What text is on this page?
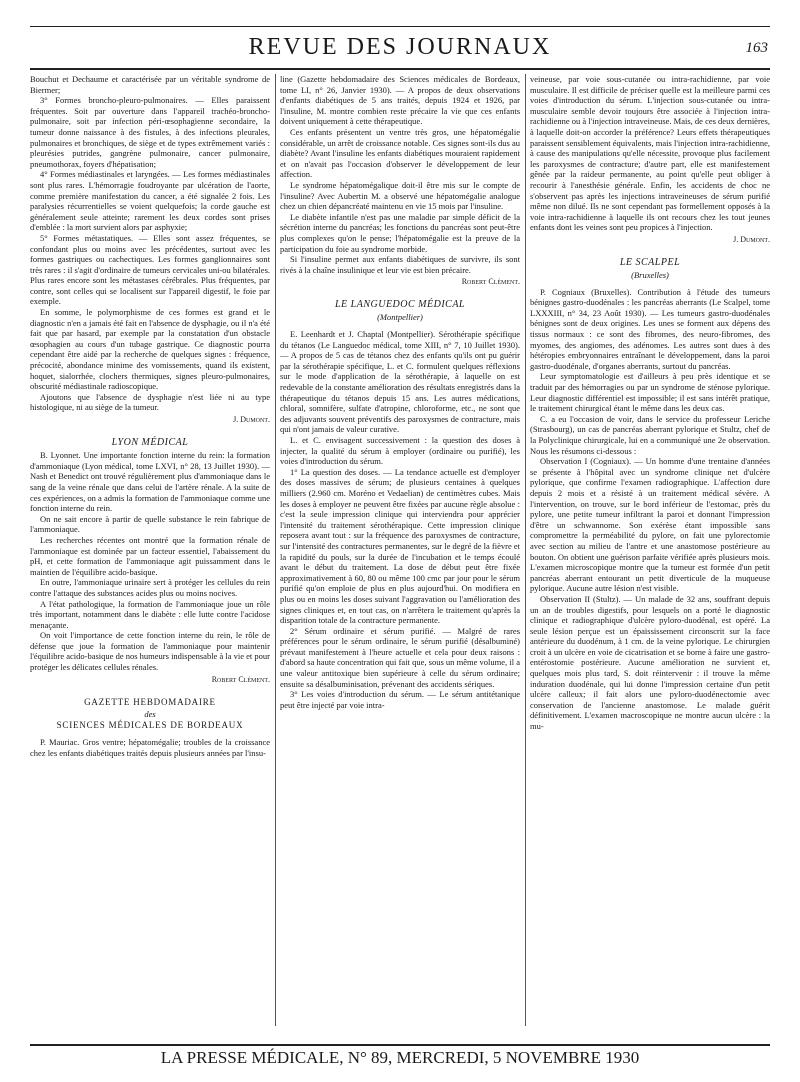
REVUE DES JOURNAUX	163

Bouchut et Dechaume et caractérisée par un véritable syndrome de Biermer;

3° Formes broncho-pleuro-pulmonaires. — Elles paraissent fréquentes. Soit par ouverture dans l'appareil trachéo-broncho-pulmonaire, soit par infection péri-œsophagienne secondaire, la tumeur donne naissance à des fistules, à des infections pleurales, pulmonaires et bronchiques, de siège et de types extrêmement variés : pleurésies putrides, gangrène pulmonaire, cancer pulmonaire, pneumothorax, foyers d'hépatisation;

4° Formes médiastinales et laryngées. — Les formes médiastinales sont plus rares. L'hémorragie foudroyante par ulcération de l'aorte, comme première manifestation du cancer, a été signalée 2 fois. Les paralysies récurrentielles se voient quelquefois; la corde gauche est généralement seule atteinte; rarement les deux cordes sont prises d'emblée : la mort survient alors par asphyxie;

5° Formes métastatiques. — Elles sont assez fréquentes, se confondant plus ou moins avec les précédentes, surtout avec les formes gastriques ou cachectiques. Les formes ganglionnaires sont très rares : il s'agit d'ordinaire de tumeurs cervicales uni-ou bilatérales. Plus rares encore sont les métastases cérébrales. Plus fréquentes, par contre, sont celles qui se localisent sur l'appareil digestif, le foie par exemple.

En somme, le polymorphisme de ces formes est grand et le diagnostic n'en a jamais été fait en l'absence de dysphagie, ou il n'a été fait que par hasard, par exemple par la constatation d'un obstacle œsophagien au cours d'un tubage gastrique. Ce diagnostic pourra cependant être aidé par la recherche de quelques signes : fréquence, précocité, abondance minime des vomissements, quand ils existent, hoquet, sialorrhée, clochers thermiques, signes pleuro-pulmonaires, obscurité médiastinale radioscopique.

Ajoutons que l'absence de dysphagie n'est liée ni au type histologique, ni au siège de la tumeur.

J. Dumont.
LYON MÉDICAL

B. Lyonnet. Une importante fonction interne du rein: la formation d'ammoniaque (Lyon médical, tome LXVI, n° 28, 13 Juillet 1930). — Nash et Benedict ont trouvé régulièrement plus d'ammoniaque dans le sang de la veine rénale que dans celui de l'artère rénale. A la suite de ces expériences, on a admis la formation de l'ammoniaque comme une fonction interne du rein.

On ne sait encore à partir de quelle substance le rein fabrique de l'ammoniaque.

Les recherches récentes ont montré que la formation rénale de l'ammoniaque est dominée par un facteur essentiel, l'abaissement du pH, et cette formation de l'ammoniaque agit puissamment dans le maintien de l'équilibre acido-basique.

En outre, l'ammoniaque urinaire sert à protéger les cellules du rein contre l'attaque des substances acides plus ou moins nocives.

A l'état pathologique, la formation de l'ammoniaque joue un rôle très important, notamment dans le diabète : elle lutte contre l'acidose menaçante.

On voit l'importance de cette fonction interne du rein, le rôle de défense que joue la formation de l'ammoniaque pour maintenir l'équilibre acido-basique de nos humeurs indispensable à la vie et pour protéger les délicates cellules rénales.

Robert Clément.
GAZETTE HEBDOMADAIRE
des
SCIENCES MÉDICALES DE BORDEAUX

P. Mauriac. Gros ventre; hépatomégalie; troubles de la croissance chez les enfants diabétiques traités depuis plusieurs années par l'insu-

line (Gazette hebdomadaire des Sciences médicales de Bordeaux, tome LI, n° 26, Janvier 1930). — A propos de deux observations d'enfants diabétiques de 5 ans traités, depuis 1924 et 1926, par l'insuline, M. montre combien reste précaire la vie que ces enfants doivent uniquement à cette thérapeutique.

Ces enfants présentent un ventre très gros, une hépatomégalie considérable, un arrêt de croissance notable. Ces signes sont-ils dus au diabète? Avant l'insuline les enfants diabétiques mouraient rapidement et on n'avait pas l'occasion d'observer le développement de leur affection.

Le syndrome hépatomégalique doit-il être mis sur le compte de l'insuline? Avec Aubertin M. a observé une hépatomégalie analogue chez un chien dépancréaté maintenu en vie 15 mois par l'insuline.

Le diabète infantile n'est pas une maladie par simple déficit de la sécrétion interne du pancréas; les fonctions du pancréas sont peut-être plus complexes qu'on le pense; l'hépatomégalie est la preuve de la participation du foie au syndrome morbide.

Si l'insuline permet aux enfants diabétiques de survivre, ils sont rivés à la chaîne insulinique et leur vie est bien précaire.

Robert Clément.
LE LANGUEDOC MÉDICAL
(Montpellier)

E. Leenhardt et J. Chaptal (Montpellier). Sérothérapie spécifique du tétanos (Le Languedoc médical, tome XIII, n° 7, 10 Juillet 1930). — A propos de 5 cas de tétanos chez des enfants qu'ils ont pu guérir par la sérothérapie spécifique, L. et C. formulent quelques réflexions sur le mode d'application de la sérothérapie, à laquelle on est redevable de la constante amélioration des résultats enregistrés dans la thérapeutique du tétanos depuis 15 ans. Les autres médications, chloral, somnifère, sulfate d'atropine, chloroforme, etc., ne sont que des adjuvants souvent préventifs des paroxysmes de contracture, mais qui n'ont jamais de valeur curative.

L. et C. envisagent successivement : la question des doses à injecter, la qualité du sérum à employer (ordinaire ou purifié), les voies d'introduction du sérum.

1° La question des doses. — La tendance actuelle est d'employer des doses massives de sérum; de plusieurs centaines à quelques milliers (2.960 cm. Moréno et Vedaelian) de centimètres cubes. Mais les doses à employer ne peuvent être fixées par aucune règle absolue : c'est la seule impression clinique qui interviendra pour apprécier l'intensité du traitement sérothérapique. Cette impression clinique reposera avant tout : sur la fréquence des paroxysmes de contracture, sur l'intensité des contractures permanentes, sur le degré de la fièvre et la rapidité du pouls, sur la durée de l'incubation et le temps écoulé avant le début du traitement. La dose de début peut être fixée approximativement à 60, 80 ou même 100 cmc par jour pour le sérum purifié qu'on emploie de plus en plus aujourd'hui. On modifiera en plus ou en moins les doses suivant l'aggravation ou l'amélioration des signes cliniques et, en tout cas, on n'arrêtera le traitement qu'après la disparition totale de la contracture permanente.

2° Sérum ordinaire et sérum purifié. — Malgré de rares préférences pour le sérum ordinaire, le sérum purifié (désalbuminé) prévaut manifestement à l'heure actuelle et cela pour deux raisons : d'abord sa haute concentration qui fait que, sous un même volume, il a une valeur antitoxique bien supérieure à celle du sérum ordinaire; ensuite sa désalbuminisation, prévenant des accidents sériques.

3° Les voies d'introduction du sérum. — Le sérum antitétanique peut être injecté par voie intra-

veineuse, par voie sous-cutanée ou intra-rachidienne, par voie musculaire. Il est difficile de préciser quelle est la meilleure parmi ces voies d'introduction du sérum. L'injection sous-cutanée ou intra-musculaire semble devoir toujours être associée à l'injection intra-rachidienne ou à l'injection intraveineuse. Mais, de ces deux dernières, à laquelle doit-on accorder la préférence? Leurs effets thérapeutiques paraissent sensiblement équivalents, mais l'injection intra-rachidienne, à cause des manipulations qu'elle nécessite, provoque plus facilement les paroxysmes de contracture; d'autre part, elle est manifestement gênée par la raideur permanente, au point qu'elle peut obliger à recourir à l'anesthésie générale. Enfin, les accidents de choc ne s'observent pas après les injections intraveineuses de sérum purifié même non dilué. Ils ne sont cependant pas formellement opposés à la voie intra-rachidienne à laquelle ils ont recours chez les tout jeunes enfants dont les veines sont peu propices à l'injection.

J. Dumont.
LE SCALPEL
(Bruxelles)

P. Cogniaux (Bruxelles). Contribution à l'étude des tumeurs bénignes gastro-duodénales : les pancréas aberrants (Le Scalpel, tome LXXXIII, n° 34, 23 Août 1930). — Les tumeurs gastro-duodénales bénignes sont de deux origines. Les unes se forment aux dépens des tissus normaux : ce sont des fibromes, des neuro-fibromes, des myomes, des angiomes, des adénomes. Les autres sont dues à des hétéropies embryonnaires entraînant le développement, dans la paroi gastro-duodénale, d'organes aberrants, surtout du pancréas.

Leur symptomatologie est d'ailleurs à peu près identique et se traduit par des hémorragies ou par un syndrome de sténose pylorique. Leur diagnostic différentiel est impossible; il est sans intérêt pratique, le traitement chirurgical étant le même dans les deux cas.

C. a eu l'occasion de voir, dans le service du professeur Leriche (Strasbourg), un cas de pancréas aberrant pylorique et Stultz, chef de la Polyclinique chirurgicale, lui en a communiqué une 2e observation. Nous les résumons ci-dessous :

Observation I (Cogniaux). — Un homme d'une trentaine d'années se présente à l'hôpital avec un syndrome clinique net d'ulcère pylorique, que confirme l'examen radiographique. L'affection dure depuis 2 mois et a résisté à un traitement médical sévère. A l'intervention, on trouve, sur le bord inférieur de l'estomac, près du pylore, une petite tumeur infiltrant la paroi et donnant l'impression d'être un schwannome. Son exérèse étant impossible sans compromettre la perméabilité du pylore, on fait une pylorectomie avec section au milieu de l'antre et une anastomose postérieure au bouton. On obtient une guérison parfaite vérifiée après plusieurs mois. L'examen microscopique montre que la tumeur est formée d'un petit pancréas aberrant entourant un petit diverticule de la muqueuse pylorique. Aucune autre lésion n'est visible.

Observation II (Stultz). — Un malade de 32 ans, souffrant depuis un an de troubles digestifs, pour lesquels on a porté le diagnostic clinique et radiographique d'ulcère pyloro-duodénal, est opéré. La seule lésion perçue est un épaississement circonscrit sur la face antérieure du duodénum, à 1 cm. de la veine pylorique. Le chirurgien croit à un ulcère en voie de cicatrisation et se borne à faire une gastro-entérostomie postérieure. Aucune amélioration ne survient et, quelques mois plus tard, S. doit réintervenir : il trouve la même induration duodénale, qui lui donne l'impression certaine d'un petit ulcère calleux; il fait alors une pyloro-duodénectomie avec conservation de l'ancienne anastomose. Le malade guérit définitivement. L'examen macroscopique ne montre aucun ulcère : la mu-

LA PRESSE MÉDICALE, N° 89, MERCREDI, 5 NOVEMBRE 1930
